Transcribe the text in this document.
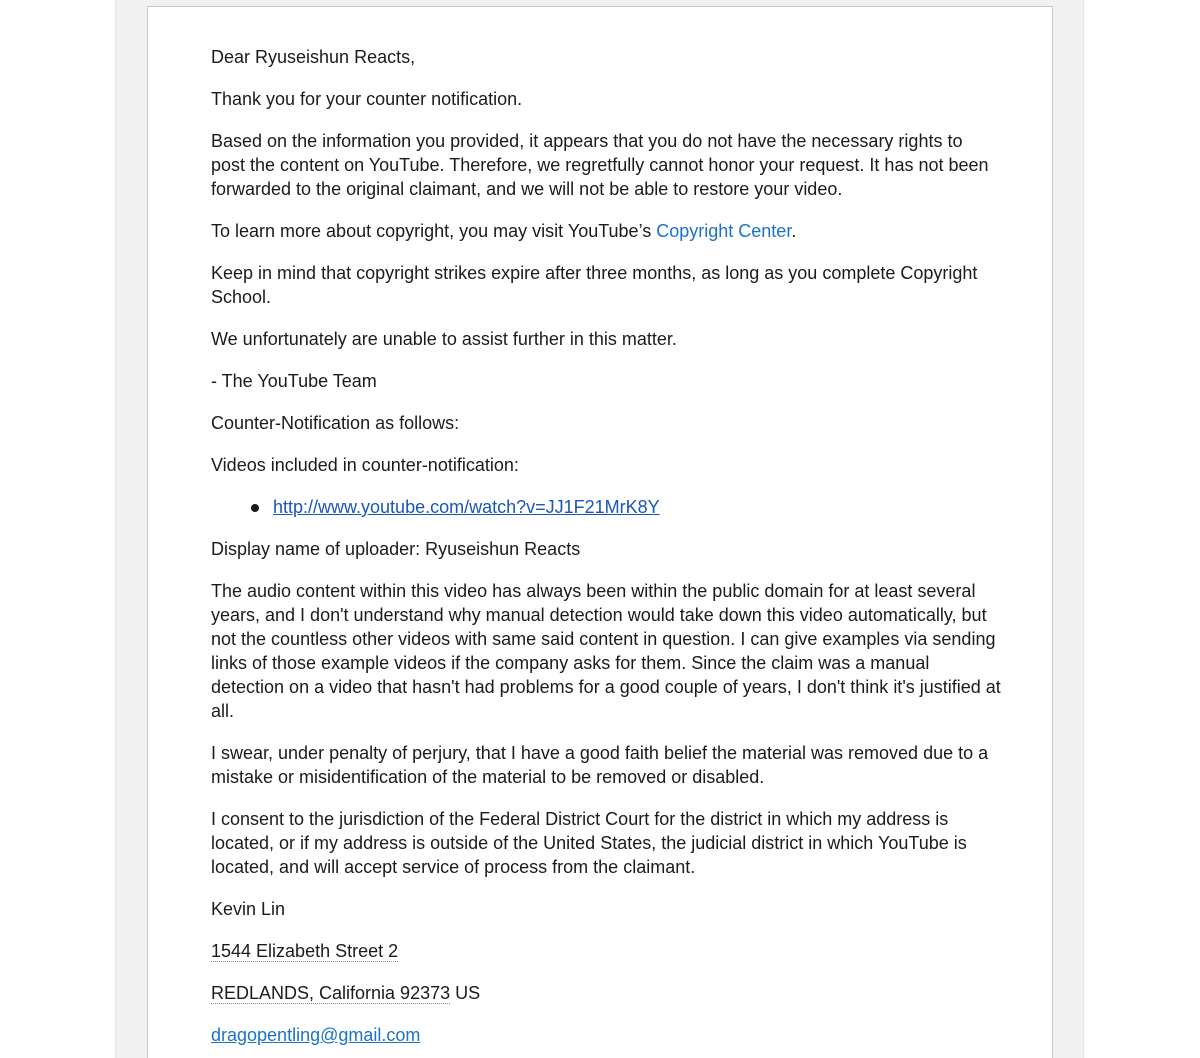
Dear Ryuseishun Reacts,

Thank you for your counter notification.

Based on the information you provided, it appears that you do not have the necessary rights to post the content on YouTube. Therefore, we regretfully cannot honor your request. It has not been forwarded to the original claimant, and we will not be able to restore your video.

To learn more about copyright, you may visit YouTube’s Copyright Center.

Keep in mind that copyright strikes expire after three months, as long as you complete Copyright School.

We unfortunately are unable to assist further in this matter.

- The YouTube Team

Counter-Notification as follows:

Videos included in counter-notification:

http://www.youtube.com/watch?v=JJ1F21MrK8Y

Display name of uploader: Ryuseishun Reacts

The audio content within this video has always been within the public domain for at least several years, and I don't understand why manual detection would take down this video automatically, but not the countless other videos with same said content in question. I can give examples via sending links of those example videos if the company asks for them. Since the claim was a manual detection on a video that hasn't had problems for a good couple of years, I don't think it's justified at all.

I swear, under penalty of perjury, that I have a good faith belief the material was removed due to a mistake or misidentification of the material to be removed or disabled.

I consent to the jurisdiction of the Federal District Court for the district in which my address is located, or if my address is outside of the United States, the judicial district in which YouTube is located, and will accept service of process from the claimant.

Kevin Lin

1544 Elizabeth Street 2

REDLANDS, California 92373 US

dragopentling@gmail.com
